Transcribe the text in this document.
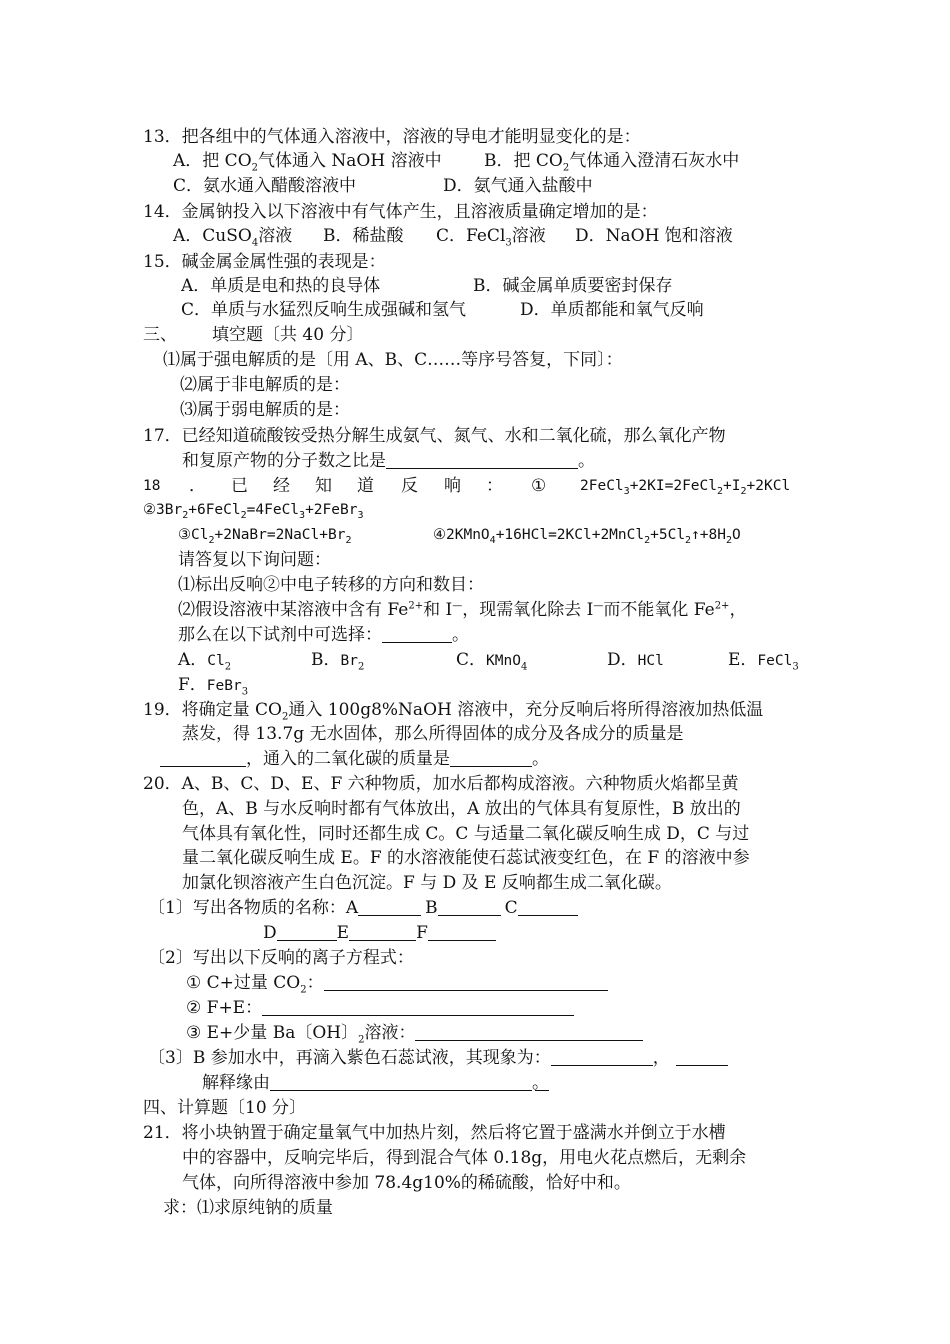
13．把各组中的气体通入溶液中，溶液的导电才能明显变化的是：
A．把 $CO_2$气体通入 NaOH 溶液中 B．把 $CO_2$气体通入澄清石灰水中
C．氨水通入醋酸溶液中	D．氨气通入盐酸中
14．金属钠投入以下溶液中有气体产生，且溶液质量确定增加的是：
A．CuSO$_4$溶液 B．稀盐酸 C．FeCl$_3$溶液 D．NaOH 饱和溶液
15．碱金属金属性强的表现是：
A．单质是电和热的良导体	B．碱金属单质要密封保存
C．单质与水猛烈反响生成强碱和氢气	D．单质都能和氧气反响
三、 填空题〔共 40 分〕
⑴属于强电解质的是〔用 A、B、C……等序号答复，下同〕：
⑵属于非电解质的是：
⑶属于弱电解质的是：
17．已经知道硫酸铵受热分解生成氨气、氮气、水和二氧化硫，那么氧化产物
和复原产物的分子数之比是	。
18 ． 已 经 知 道 反 响 ： ① $2FeCl_3+2KI=2FeCl_2+I_2+2KCl$
$②3Br_2+6FeCl_2=4FeCl_3+2FeBr_3$
$③Cl_2+2NaBr=2NaCl+Br_2$	$④2KMnO_4+16HCl=2KCl+2MnCl_2+5Cl_2↑+8H_2O$
请答复以下询问题：
⑴标出反响②中电子转移的方向和数目：
⑵假设溶液中某溶液中含有 $Fe^{2+}$和 I—，现需氧化除去 I—而不能氧化 $Fe^{2+}$，
那么在以下试剂中可选择：	。
A．$Cl_2$	B．$Br_2$	C．KMnO$_4$	D．HCl	E．FeCl$_3$
F．FeBr$_3$
19．将确定量 $CO_2$通入 100g8%NaOH 溶液中，充分反响后将所得溶液加热低温
蒸发，得 13.7g 无水固体，那么所得固体的成分及各成分的质量是
，通入的二氧化碳的质量是	。
20．A、B、C、D、E、F 六种物质，加水后都构成溶液。六种物质火焰都呈黄
色，A、B 与水反响时都有气体放出，A 放出的气体具有复原性，B 放出的
气体具有氧化性，同时还都生成 C。C 与适量二氧化碳反响生成 D，C 与过
量二氧化碳反响生成 E。F 的水溶液能使石蕊试液变红色，在 F 的溶液中参
加氯化钡溶液产生白色沉淀。F 与 D 及 E 反响都生成二氧化碳。
〔1〕写出各物质的名称：A	B	C
D	E	F
〔2〕写出以下反响的离子方程式：
① C+过量 $CO_2$：
② F+E：
③ E+少量 Ba〔OH〕$_2$溶液：
〔3〕B 参加水中，再滴入紫色石蕊试液，其现象为：	，
解释缘由	。
四、计算题〔10 分〕
21．将小块钠置于确定量氧气中加热片刻，然后将它置于盛满水并倒立于水槽
中的容器中，反响完毕后，得到混合气体 0.18g，用电火花点燃后，无剩余
气体，向所得溶液中参加 78.4g10%的稀硫酸，恰好中和。
求：⑴求原纯钠的质量
